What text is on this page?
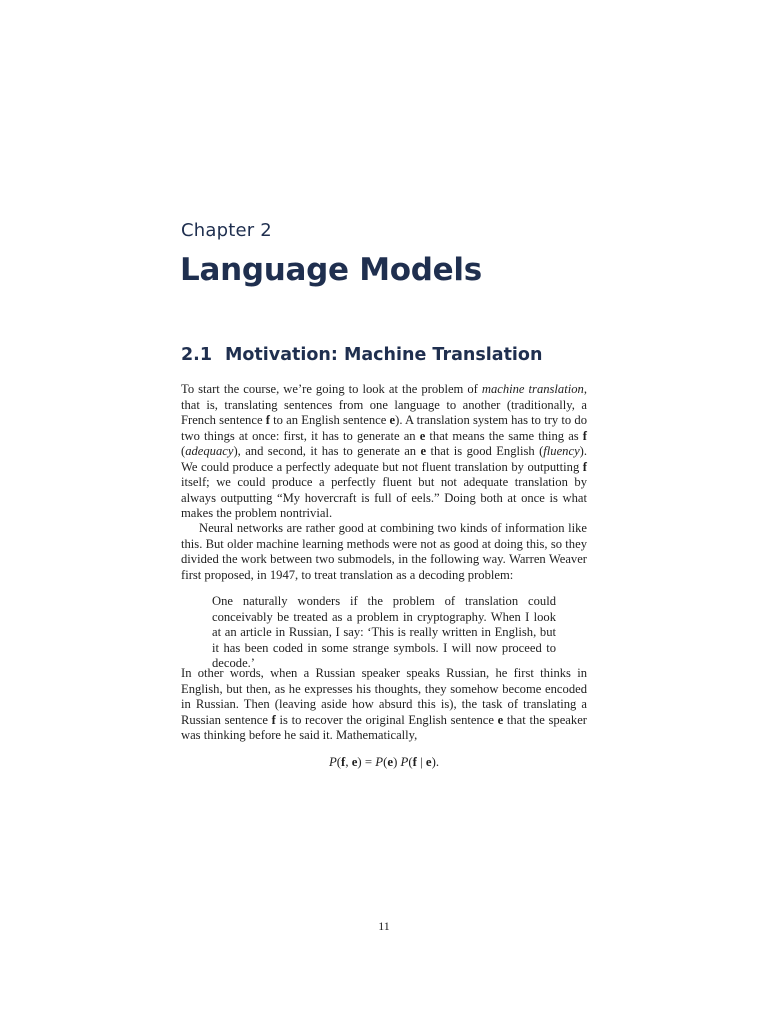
Chapter 2
Language Models
2.1 Motivation: Machine Translation
To start the course, we’re going to look at the problem of machine translation, that is, translating sentences from one language to another (traditionally, a French sentence f to an English sentence e). A translation system has to try to do two things at once: first, it has to generate an e that means the same thing as f (adequacy), and second, it has to generate an e that is good English (fluency). We could produce a perfectly adequate but not fluent translation by outputting f itself; we could produce a perfectly fluent but not adequate translation by always outputting “My hovercraft is full of eels.” Doing both at once is what makes the problem nontrivial.
Neural networks are rather good at combining two kinds of information like this. But older machine learning methods were not as good at doing this, so they divided the work between two submodels, in the following way. Warren Weaver first proposed, in 1947, to treat translation as a decoding problem:
One naturally wonders if the problem of translation could conceivably be treated as a problem in cryptography. When I look at an article in Russian, I say: ‘This is really written in English, but it has been coded in some strange symbols. I will now proceed to decode.’
In other words, when a Russian speaker speaks Russian, he first thinks in English, but then, as he expresses his thoughts, they somehow become encoded in Russian. Then (leaving aside how absurd this is), the task of translating a Russian sentence f is to recover the original English sentence e that the speaker was thinking before he said it. Mathematically,
P(f, e) = P(e) P(f | e).
11
